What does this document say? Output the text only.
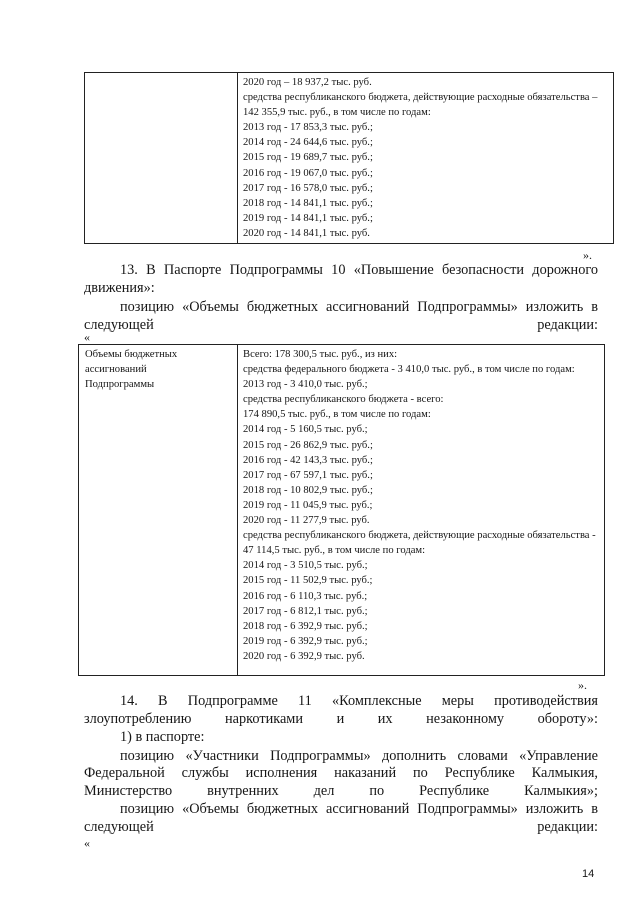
2020 год – 18 937,2 тыс. руб.
средства республиканского бюджета, действующие расходные обязательства – 142 355,9 тыс. руб., в том числе по годам:
2013 год - 17 853,3 тыс. руб.;
2014 год - 24 644,6 тыс. руб.;
2015 год - 19 689,7 тыс. руб.;
2016 год - 19 067,0 тыс. руб.;
2017 год - 16 578,0 тыс. руб.;
2018 год - 14 841,1 тыс. руб.;
2019 год - 14 841,1 тыс. руб.;
2020 год - 14 841,1 тыс. руб.
».

13. В Паспорте Подпрограммы 10 «Повышение безопасности дорожного движения»:

позицию «Объемы бюджетных ассигнований Подпрограммы» изложить в следующей редакции:

«
Объемы бюджетных ассигнований Подпрограммы

Всего: 178 300,5 тыс. руб., из них:
средства федерального бюджета - 3 410,0 тыс. руб., в том числе по годам:
2013 год - 3 410,0 тыс. руб.;
средства республиканского бюджета - всего:
174 890,5 тыс. руб., в том числе по годам:
2014 год - 5 160,5 тыс. руб.;
2015 год - 26 862,9 тыс. руб.;
2016 год - 42 143,3 тыс. руб.;
2017 год - 67 597,1 тыс. руб.;
2018 год - 10 802,9 тыс. руб.;
2019 год - 11 045,9 тыс. руб.;
2020 год - 11 277,9 тыс. руб.
средства республиканского бюджета, действующие расходные обязательства - 47 114,5 тыс. руб., в том числе по годам:
2014 год - 3 510,5 тыс. руб.;
2015 год - 11 502,9 тыс. руб.;
2016 год - 6 110,3 тыс. руб.;
2017 год - 6 812,1 тыс. руб.;
2018 год - 6 392,9 тыс. руб.;
2019 год - 6 392,9 тыс. руб.;
2020 год - 6 392,9 тыс. руб.
».

14. В Подпрограмме 11 «Комплексные меры противодействия злоупотреблению наркотиками и их незаконному обороту»:

1) в паспорте:

позицию «Участники Подпрограммы» дополнить словами «Управление Федеральной службы исполнения наказаний по Республике Калмыкия, Министерство внутренних дел по Республике Калмыкия»;

позицию «Объемы бюджетных ассигнований Подпрограммы» изложить в следующей редакции:

«
14
